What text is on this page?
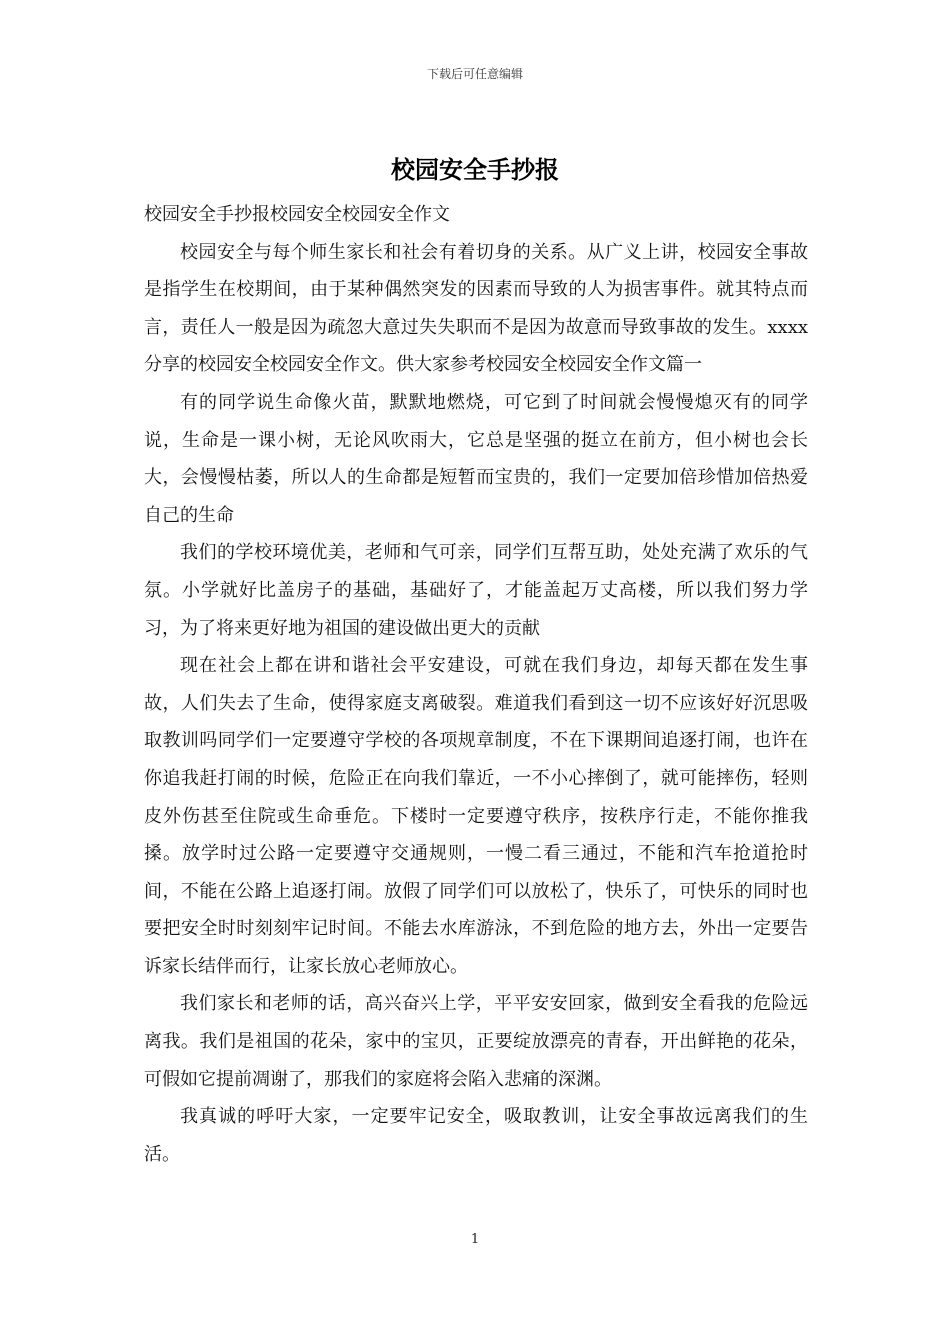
下载后可任意编辑
校园安全手抄报

校园安全手抄报校园安全校园安全作文

校园安全与每个师生家长和社会有着切身的关系。从广义上讲，校园安全事故是指学生在校期间，由于某种偶然突发的因素而导致的人为损害事件。就其特点而言，责任人一般是因为疏忽大意过失失职而不是因为故意而导致事故的发生。xxxx分享的校园安全校园安全作文。供大家参考校园安全校园安全作文篇一

有的同学说生命像火苗，默默地燃烧，可它到了时间就会慢慢熄灭有的同学说，生命是一课小树，无论风吹雨大，它总是坚强的挺立在前方，但小树也会长大，会慢慢枯萎，所以人的生命都是短暂而宝贵的，我们一定要加倍珍惜加倍热爱自己的生命

我们的学校环境优美，老师和气可亲，同学们互帮互助，处处充满了欢乐的气氛。小学就好比盖房子的基础，基础好了，才能盖起万丈高楼，所以我们努力学习，为了将来更好地为祖国的建设做出更大的贡献

现在社会上都在讲和谐社会平安建设，可就在我们身边，却每天都在发生事故，人们失去了生命，使得家庭支离破裂。难道我们看到这一切不应该好好沉思吸取教训吗同学们一定要遵守学校的各项规章制度，不在下课期间追逐打闹，也许在你追我赶打闹的时候，危险正在向我们靠近，一不小心摔倒了，就可能摔伤，轻则皮外伤甚至住院或生命垂危。下楼时一定要遵守秩序，按秩序行走，不能你推我搡。放学时过公路一定要遵守交通规则，一慢二看三通过，不能和汽车抢道抢时间，不能在公路上追逐打闹。放假了同学们可以放松了，快乐了，可快乐的同时也要把安全时时刻刻牢记时间。不能去水库游泳，不到危险的地方去，外出一定要告诉家长结伴而行，让家长放心老师放心。

我们家长和老师的话，高兴奋兴上学，平平安安回家，做到安全看我的危险远离我。我们是祖国的花朵，家中的宝贝，正要绽放漂亮的青春，开出鲜艳的花朵，可假如它提前凋谢了，那我们的家庭将会陷入悲痛的深渊。

我真诚的呼吁大家，一定要牢记安全，吸取教训，让安全事故远离我们的生活。

1
